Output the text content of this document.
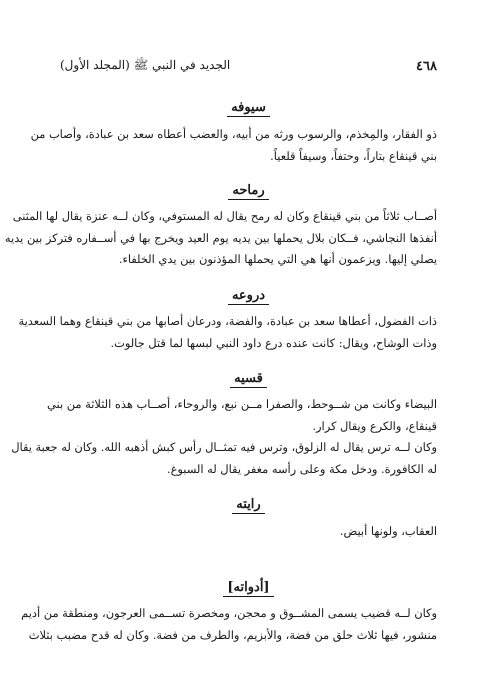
٤٦٨
الجديد في النبي ﷺ (المجلد الأول)
سيوفه

ذو الفقار، والمِخذم، والرسوب ورثه من أبيه، والعضب أعطاه سعد بن عبادة، وأصاب من
بني قينقاع بتاراً، وحتفاً، وسيفاً قلعياً.

رماحه

أصــاب ثلاثاً من بني قينقاع وكان له رمح يقال له المستوفي، وكان لــه عنزة يقال لها المثنى
أنفذها النجاشي، فــكان بلال يحملها بين يديه يوم العيد ويخرج بها في أســفاره فتركز بين يديه
يصلي إليها. ويزعمون أنها هي التي يحملها المؤذنون بين يدي الخلفاء.

دروعه

ذات الفضول، أعطاها سعد بن عبادة، والفضة، ودرعان أصابها من بني قينقاع وهما السعدية
وذات الوشاح، ويقال: كانت عنده درع داود النبي لبسها لما قتل جالوت.

قسيه

البيضاء وكانت من شــوحط، والصفرا مــن نبع، والروحاء، أصــاب هذه الثلاثة من بني
قينقاع، والكرع ويقال كرار.
وكان لــه ترس يقال له الزلوق، وترس فيه تمثــال رأس كبش أذهبه الله. وكان له جعبة يقال
له الكافورة. ودخل مكة وعلى رأسه مغفر يقال له السبوغ.

رايته

العقاب، ولونها أبيض.

[أدواته]

وكان لــه قضيب يسمى المشــوق و محجن، ومخصرة تســمى العرجون، ومنطقة من أديم
منشور، فيها ثلاث حلق من فضة، والأبزيم، والطرف من فضة. وكان له قدح مضبب بثلاث
